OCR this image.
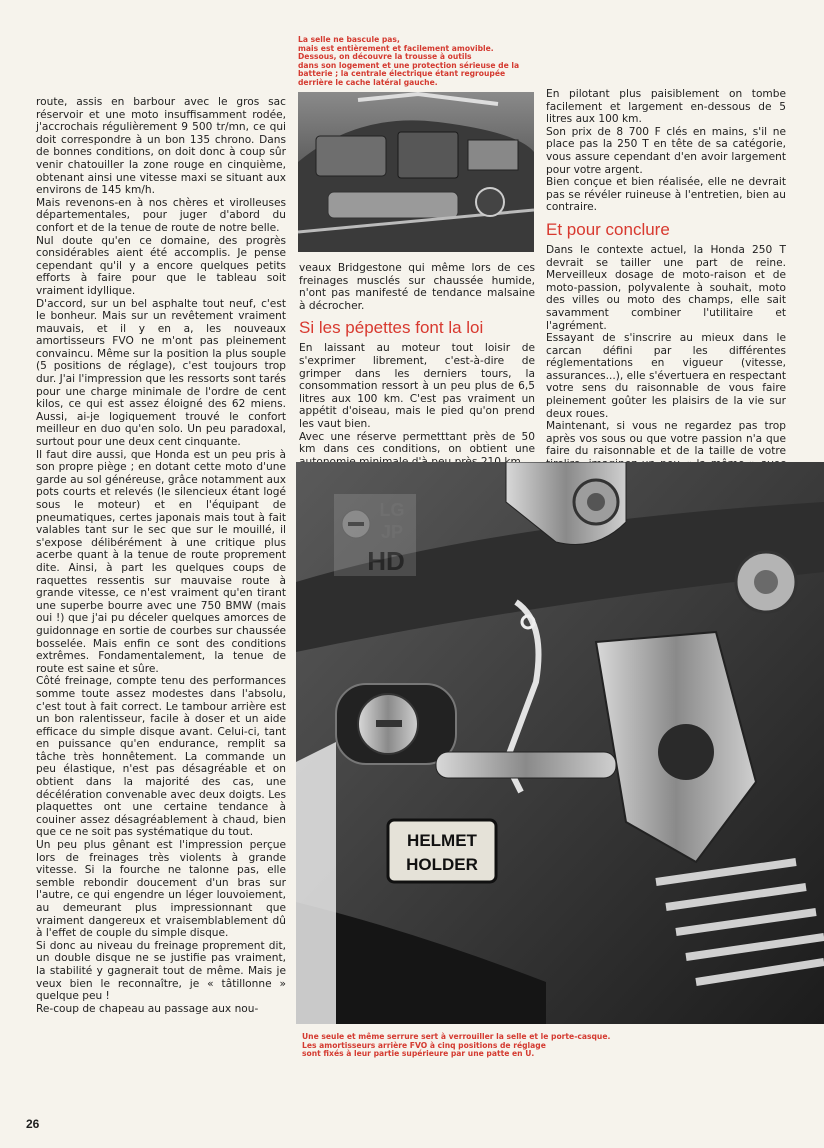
La selle ne bascule pas,

mais est entièrement et facilement amovible.

Dessous, on découvre la trousse à outils

dans son logement et une protection sérieuse de la

batterie ; la centrale électrique étant regroupée

derrière le cache latéral gauche.

route, assis en barbour avec le gros sac réservoir et une moto insuffisamment rodée, j'accrochais régulièrement 9 500 tr/mn, ce qui doit correspondre à un bon 135 chrono. Dans de bonnes conditions, on doit donc à coup sûr venir chatouiller la zone rouge en cinquième, obtenant ainsi une vitesse maxi se situant aux environs de 145 km/h.

Mais revenons-en à nos chères et virolleuses départementales, pour juger d'abord du confort et de la tenue de route de notre belle.

Nul doute qu'en ce domaine, des progrès considérables aient été accomplis. Je pense cependant qu'il y a encore quelques petits efforts à faire pour que le tableau soit vraiment idyllique.

D'accord, sur un bel asphalte tout neuf, c'est le bonheur. Mais sur un revêtement vraiment mauvais, et il y en a, les nouveaux amortisseurs FVO ne m'ont pas pleinement convaincu. Même sur la position la plus souple (5 positions de réglage), c'est toujours trop dur. J'ai l'impression que les ressorts sont tarés pour une charge minimale de l'ordre de cent kilos, ce qui est assez éloigné des 62 miens. Aussi, ai-je logiquement trouvé le confort meilleur en duo qu'en solo. Un peu paradoxal, surtout pour une deux cent cinquante.

Il faut dire aussi, que Honda est un peu pris à son propre piège ; en dotant cette moto d'une garde au sol généreuse, grâce notamment aux pots courts et relevés (le silencieux étant logé sous le moteur) et en l'équipant de pneumatiques, certes japonais mais tout à fait valables tant sur le sec que sur le mouillé, il s'expose délibérément à une critique plus acerbe quant à la tenue de route proprement dite. Ainsi, à part les quelques coups de raquettes ressentis sur mauvaise route à grande vitesse, ce n'est vraiment qu'en tirant une superbe bourre avec une 750 BMW (mais oui !) que j'ai pu déceler quelques amorces de guidonnage en sortie de courbes sur chaussée bosselée. Mais enfin ce sont des conditions extrêmes. Fondamentalement, la tenue de route est saine et sûre.

Côté freinage, compte tenu des performances somme toute assez modestes dans l'absolu, c'est tout à fait correct. Le tambour arrière est un bon ralentisseur, facile à doser et un aide efficace du simple disque avant. Celui-ci, tant en puissance qu'en endurance, remplit sa tâche très honnêtement. La commande un peu élastique, n'est pas désagréable et on obtient dans la majorité des cas, une décélération convenable avec deux doigts. Les plaquettes ont une certaine tendance à couiner assez désagréablement à chaud, bien que ce ne soit pas systématique du tout.

Un peu plus gênant est l'impression perçue lors de freinages très violents à grande vitesse. Si la fourche ne talonne pas, elle semble rebondir doucement d'un bras sur l'autre, ce qui engendre un léger louvoiement, au demeurant plus impressionnant que vraiment dangereux et vraisemblablement dû à l'effet de couple du simple disque.

Si donc au niveau du freinage proprement dit, un double disque ne se justifie pas vraiment, la stabilité y gagnerait tout de même. Mais je veux bien le reconnaître, je « tâtillonne » quelque peu !

Re-coup de chapeau au passage aux nou-

veaux Bridgestone qui même lors de ces freinages musclés sur chaussée humide, n'ont pas manifesté de tendance malsaine à décrocher.

Si les pépettes font la loi

En laissant au moteur tout loisir de s'exprimer librement, c'est-à-dire de grimper dans les derniers tours, la consommation ressort à un peu plus de 6,5 litres aux 100 km. C'est pas vraiment un appétit d'oiseau, mais le pied qu'on prend les vaut bien.

Avec une réserve permetttant près de 50 km dans ces conditions, on obtient une

En pilotant plus paisiblement on tombe facilement et largement en-dessous de 5 litres aux 100 km.

Son prix de 8 700 F clés en mains, s'il ne place pas la 250 T en tête de sa catégorie, vous assure cependant d'en avoir largement pour votre argent.

Bien conçue et bien réalisée, elle ne devrait pas se révéler ruineuse à l'entretien, bien au contraire.

Et pour conclure

Dans le contexte actuel, la Honda 250 T devrait se tailler une part de reine. Merveilleux dosage de moto-raison et de moto-passion, polyvalente à souhait, moto des villes ou moto des champs, elle sait savamment combiner l'utilitaire et l'agrément.

Essayant de s'inscrire au mieux dans le carcan défini par les différentes réglementations en vigueur (vitesse, assurances...), elle s'évertuera en respectant votre sens du raisonnable de vous faire pleinement goûter les plaisirs de la vie sur deux roues.

Maintenant, si vous ne regardez pas trop après vos sous ou que votre passion n'a que faire du raisonnable et de la taille de votre

HELMET
HOLDER
LG
JP
HD

Une seule et même serrure sert à verrouiller la selle et le porte-casque.

Les amortisseurs arrière FVO à cinq positions de réglage

sont fixés à leur partie supérieure par une patte en U.

26
